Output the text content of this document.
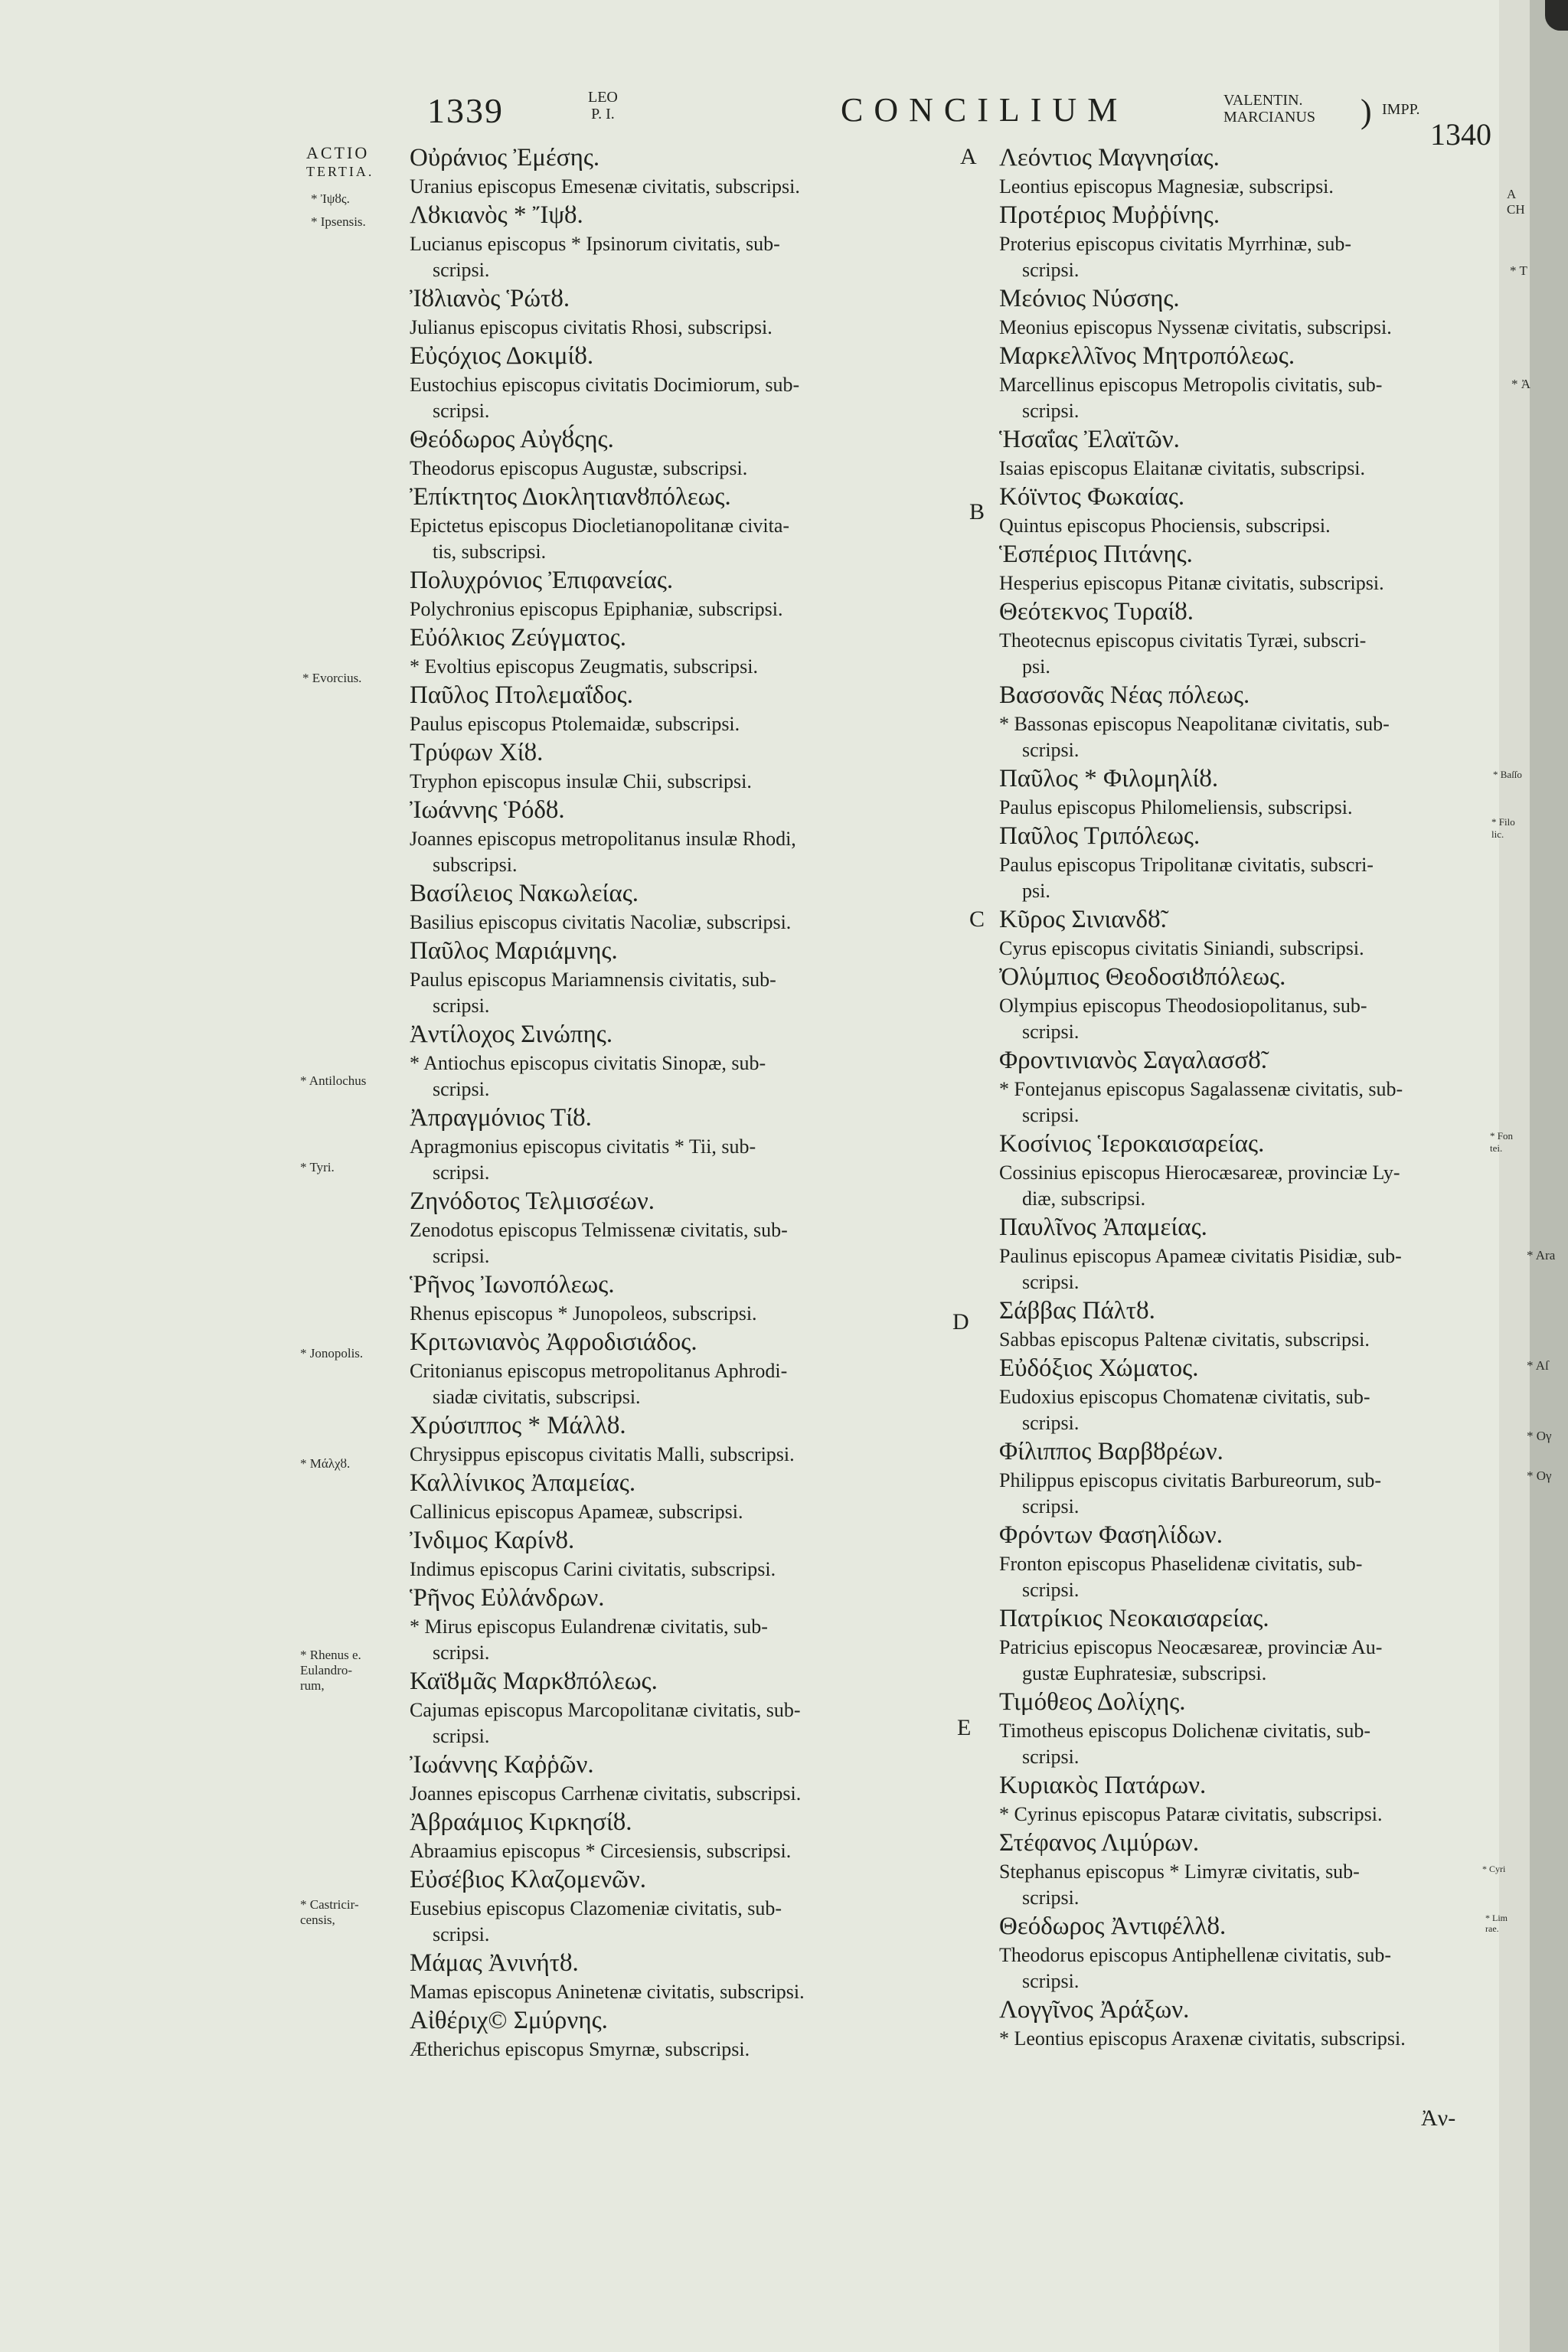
1339	LEO
P. I.	CONCILIUM	VALENTIN.
MARCIANUS ) IMPP.
1340
ACTIO
TERTIA.
A
B
C
D
E
* Ἰψȣς.
* Ipsensis.
* Evorcius.
* Antilochus
* Tyri.
* Jonopolis.
* Μάλχȣ.
* Rhenus e.
Eulandro-
rum,
* Castricir-
censis,
A
CH
* T
* Ἀ
* Baſſo
* Filo
lic.
* Fon
tei.
* Ara
* Aſ
* Oγ
* Oγ
* Cyri
* Lim
rae.
Οὐράνιος Ἐμέσης.
Uranius episcopus Emesenæ civitatis, subscripsi.
Λȣκιανὸς * Ἴψȣ.
Lucianus episcopus * Ipsinorum civitatis, sub-
scripsi.
Ἰȣλιανὸς Ῥώτȣ.
Julianus episcopus civitatis Rhosi, subscripsi.
Εὐςόχιος Δοκιμίȣ.
Eustochius episcopus civitatis Docimiorum, sub-
scripsi.
Θεόδωρος Αὐγȣ́ςης.
Theodorus episcopus Augustæ, subscripsi.
Ἐπίκτητος Διοκλητιανȣπόλεως.
Epictetus episcopus Diocletianopolitanæ civita-
tis, subscripsi.
Πολυχρόνιος Ἐπιφανείας.
Polychronius episcopus Epiphaniæ, subscripsi.
Εὐόλκιος Ζεύγματος.
* Evoltius episcopus Zeugmatis, subscripsi.
Παῦλος Πτολεμαΐδος.
Paulus episcopus Ptolemaidæ, subscripsi.
Τρύφων Χίȣ.
Tryphon episcopus insulæ Chii, subscripsi.
Ἰωάννης Ῥόδȣ.
Joannes episcopus metropolitanus insulæ Rhodi,
subscripsi.
Βασίλειος Νακωλείας.
Basilius episcopus civitatis Nacoliæ, subscripsi.
Παῦλος Μαριάμνης.
Paulus episcopus Mariamnensis civitatis, sub-
scripsi.
Ἀντίλοχος Σινώπης.
* Antiochus episcopus civitatis Sinopæ, sub-
scripsi.
Ἀπραγμόνιος Τίȣ.
Apragmonius episcopus civitatis * Tii, sub-
scripsi.
Ζηνόδοτος Τελμισσέων.
Zenodotus episcopus Telmissenæ civitatis, sub-
scripsi.
Ῥῆνος Ἰωνοπόλεως.
Rhenus episcopus * Junopoleos, subscripsi.
Κριτωνιανὸς Ἀφροδισιάδος.
Critonianus episcopus metropolitanus Aphrodi-
siadæ civitatis, subscripsi.
Χρύσιππος * Μάλλȣ.
Chrysippus episcopus civitatis Malli, subscripsi.
Καλλίνικος Ἀπαμείας.
Callinicus episcopus Apameæ, subscripsi.
Ἰνδιμος Καρίνȣ.
Indimus episcopus Carini civitatis, subscripsi.
Ῥῆνος Εὐλάνδρων.
* Mirus episcopus Eulandrenæ civitatis, sub-
scripsi.
Καϊȣμᾶς Μαρκȣπόλεως.
Cajumas episcopus Marcopolitanæ civitatis, sub-
scripsi.
Ἰωάννης Καῤῥῶν.
Joannes episcopus Carrhenæ civitatis, subscripsi.
Ἀβραάμιος Κιρκησίȣ.
Abraamius episcopus * Circesiensis, subscripsi.
Εὐσέβιος Κλαζομενῶν.
Eusebius episcopus Clazomeniæ civitatis, sub-
scripsi.
Μάμας Ἀνινήτȣ.
Mamas episcopus Aninetenæ civitatis, subscripsi.
Αἰθέριχ© Σμύρνης.
Ætherichus episcopus Smyrnæ, subscripsi.
Λεόντιος Μαγνησίας.
Leontius episcopus Magnesiæ, subscripsi.
Προτέριος Μυῤῥίνης.
Proterius episcopus civitatis Myrrhinæ, sub-
scripsi.
Μεόνιος Νύσσης.
Meonius episcopus Nyssenæ civitatis, subscripsi.
Μαρκελλῖνος Μητροπόλεως.
Marcellinus episcopus Metropolis civitatis, sub-
scripsi.
Ἡσαΐας Ἐλαϊτῶν.
Isaias episcopus Elaitanæ civitatis, subscripsi.
Κόϊντος Φωκαίας.
Quintus episcopus Phociensis, subscripsi.
Ἑσπέριος Πιτάνης.
Hesperius episcopus Pitanæ civitatis, subscripsi.
Θεότεκνος Τυραίȣ.
Theotecnus episcopus civitatis Tyræi, subscri-
psi.
Βασσονᾶς Νέας πόλεως.
* Bassonas episcopus Neapolitanæ civitatis, sub-
scripsi.
Παῦλος * Φιλομηλίȣ.
Paulus episcopus Philomeliensis, subscripsi.
Παῦλος Τριπόλεως.
Paulus episcopus Tripolitanæ civitatis, subscri-
psi.
Κῦρος Σινιανδȣ̃.
Cyrus episcopus civitatis Siniandi, subscripsi.
Ὀλύμπιος Θεοδοσιȣπόλεως.
Olympius episcopus Theodosiopolitanus, sub-
scripsi.
Φροντινιανὸς Σαγαλασσȣ̃.
* Fontejanus episcopus Sagalassenæ civitatis, sub-
scripsi.
Κοσίνιος Ἱεροκαισαρείας.
Cossinius episcopus Hierocæsareæ, provinciæ Ly-
diæ, subscripsi.
Παυλῖνος Ἀπαμείας.
Paulinus episcopus Apameæ civitatis Pisidiæ, sub-
scripsi.
Σάββας Πάλτȣ.
Sabbas episcopus Paltenæ civitatis, subscripsi.
Εὐδόξιος Χώματος.
Eudoxius episcopus Chomatenæ civitatis, sub-
scripsi.
Φίλιππος Βαρβȣρέων.
Philippus episcopus civitatis Barbureorum, sub-
scripsi.
Φρόντων Φασηλίδων.
Fronton episcopus Phaselidenæ civitatis, sub-
scripsi.
Πατρίκιος Νεοκαισαρείας.
Patricius episcopus Neocæsareæ, provinciæ Au-
gustæ Euphratesiæ, subscripsi.
Τιμόθεος Δολίχης.
Timotheus episcopus Dolichenæ civitatis, sub-
scripsi.
Κυριακὸς Πατάρων.
* Cyrinus episcopus Pataræ civitatis, subscripsi.
Στέφανος Λιμύρων.
Stephanus episcopus * Limyræ civitatis, sub-
scripsi.
Θεόδωρος Ἀντιφέλλȣ.
Theodorus episcopus Antiphellenæ civitatis, sub-
scripsi.
Λογγῖνος Ἀράξων.
* Leontius episcopus Araxenæ civitatis, subscripsi.
Ἀν-
